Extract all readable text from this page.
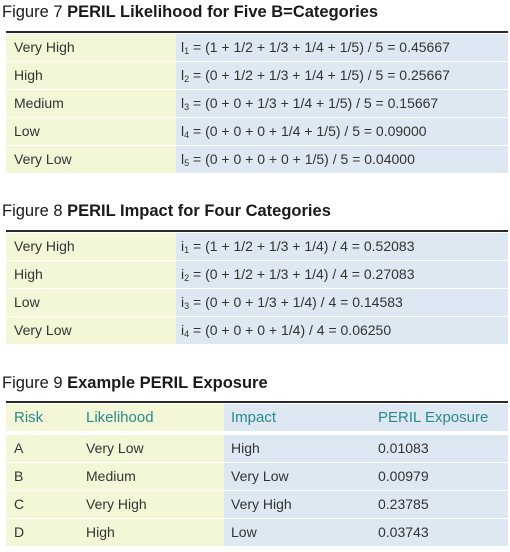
Figure 7 PERIL Likelihood for Five B=Categories
Very High	$l_1 = (1 + 1/2 + 1/3 + 1/4 + 1/5) / 5 = 0.45667$
High	$l_2 = (0 + 1/2 + 1/3 + 1/4 + 1/5) / 5 = 0.25667$
Medium	$l_3 = (0 + 0 + 1/3 + 1/4 + 1/5) / 5 = 0.15667$
Low	$l_4 = (0 + 0 + 0 + 1/4 + 1/5) / 5 = 0.09000$
Very Low	$l_5 = (0 + 0 + 0 + 0 + 1/5) / 5 = 0.04000$
Figure 8 PERIL Impact for Four Categories
Very High	$i_1 = (1 + 1/2 + 1/3 + 1/4) / 4 = 0.52083$
High	$i_2 = (0 + 1/2 + 1/3 + 1/4) / 4 = 0.27083$
Low	$i_3 = (0 + 0 + 1/3 + 1/4) / 4 = 0.14583$
Very Low	$i_4 = (0 + 0 + 0 + 1/4) / 4 = 0.06250$
Figure 9 Example PERIL Exposure
Risk	Likelihood	Impact	PERIL Exposure
A	Very Low	High	0.01083
B	Medium	Very Low	0.00979
C	Very High	Very High	0.23785
D	High	Low	0.03743
